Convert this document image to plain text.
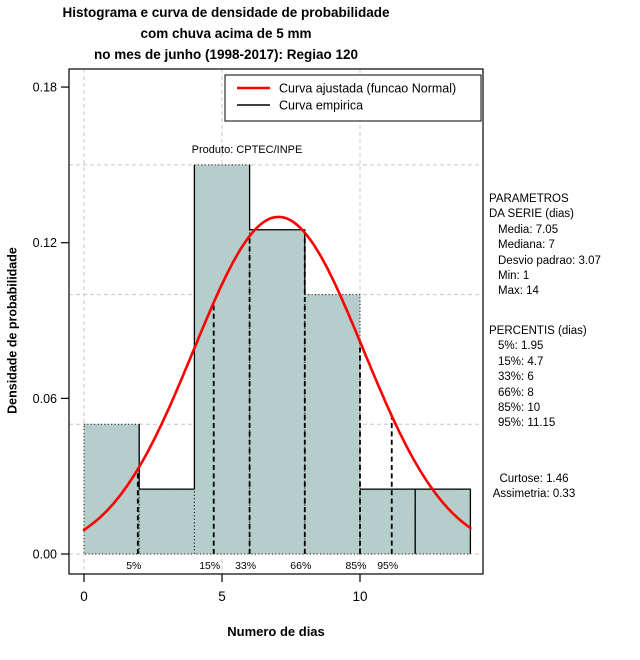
Histograma e curva de densidade de probabilidade
com chuva acima de 5 mm
no mes de junho (1998-2017): Regiao 120
Densidade de probabilidade
0.00
0.06
0.12
0.18
0	5	10
5%	15% 33%	66%	85% 95%
Curva ajustada (funcao Normal)
Curva empirica
Produto: CPTEC/INPE
Numero de dias
PARAMETROS
DA SERIE (dias)
Media: 7.05
Mediana: 7
Desvio padrao: 3.07
Min: 1
Max: 14
PERCENTIS (dias)
5%: 1.95
15%: 4.7
33%: 6
66%: 8
85%: 10
95%: 11.15
Curtose: 1.46
Assimetria: 0.33
